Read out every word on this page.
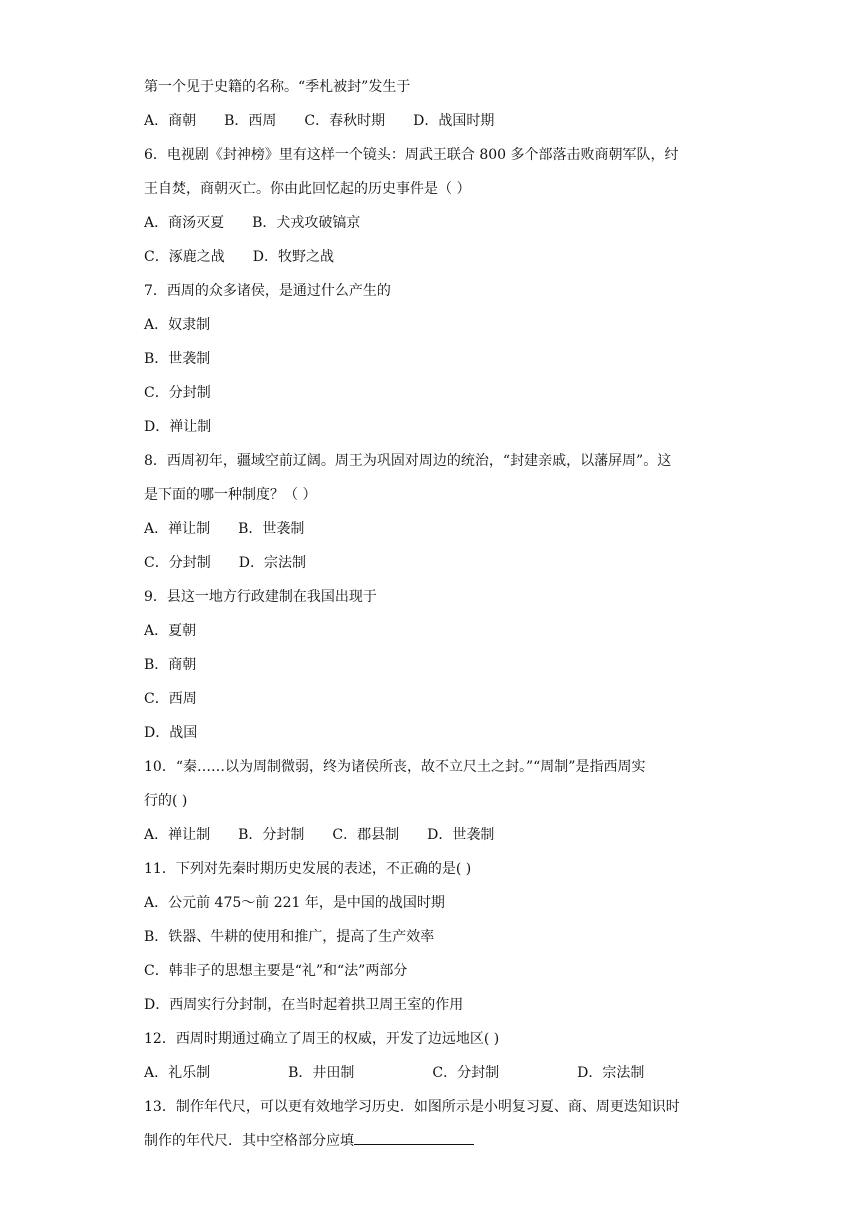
第一个见于史籍的名称。“季札被封”发生于
A．商朝 B．西周 C．春秋时期 D．战国时期
6．电视剧《封神榜》里有这样一个镜头：周武王联合 800 多个部落击败商朝军队，纣
王自焚，商朝灭亡。你由此回忆起的历史事件是（ ）
A．商汤灭夏 B．犬戎攻破镐京
C．涿鹿之战 D．牧野之战
7．西周的众多诸侯，是通过什么产生的
A．奴隶制
B．世袭制
C．分封制
D．禅让制
8．西周初年，疆域空前辽阔。周王为巩固对周边的统治，“封建亲戚，以藩屏周”。这
是下面的哪一种制度？（ ）
A．禅让制 B．世袭制
C．分封制 D．宗法制
9．县这一地方行政建制在我国出现于
A．夏朝
B．商朝
C．西周
D．战国
10．“秦……以为周制微弱，终为诸侯所丧，故不立尺土之封。”“周制”是指西周实
行的( )
A．禅让制 B．分封制 C．郡县制 D．世袭制
11．下列对先秦时期历史发展的表述，不正确的是( )
A．公元前 475～前 221 年，是中国的战国时期
B．铁器、牛耕的使用和推广，提高了生产效率
C．韩非子的思想主要是“礼”和“法”两部分
D．西周实行分封制，在当时起着拱卫周王室的作用
12．西周时期通过确立了周王的权威，开发了边远地区( )
A．礼乐制	B．井田制	C．分封制	D．宗法制
13．制作年代尺，可以更有效地学习历史．如图所示是小明复习夏、商、周更迭知识时
制作的年代尺．其中空格部分应填
